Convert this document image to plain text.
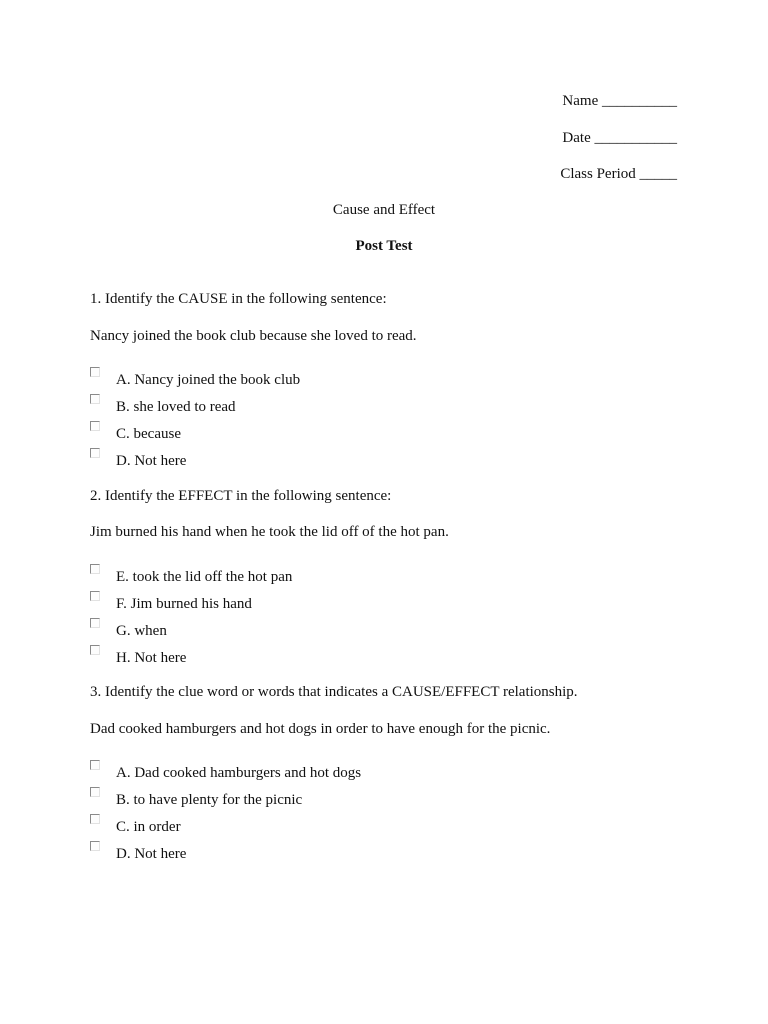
Name __________
Date ___________
Class Period _____
Cause and Effect
Post Test
1. Identify the CAUSE in the following sentence:
Nancy joined the book club because she loved to read.
A. Nancy joined the book club
B. she loved to read
C. because
D. Not here
2. Identify the EFFECT in the following sentence:
Jim burned his hand when he took the lid off of the hot pan.
E. took the lid off the hot pan
F. Jim burned his hand
G. when
H. Not here
3. Identify the clue word or words that indicates a CAUSE/EFFECT relationship.
Dad cooked hamburgers and hot dogs in order to have enough for the picnic.
A. Dad cooked hamburgers and hot dogs
B. to have plenty for the picnic
C. in order
D. Not here
